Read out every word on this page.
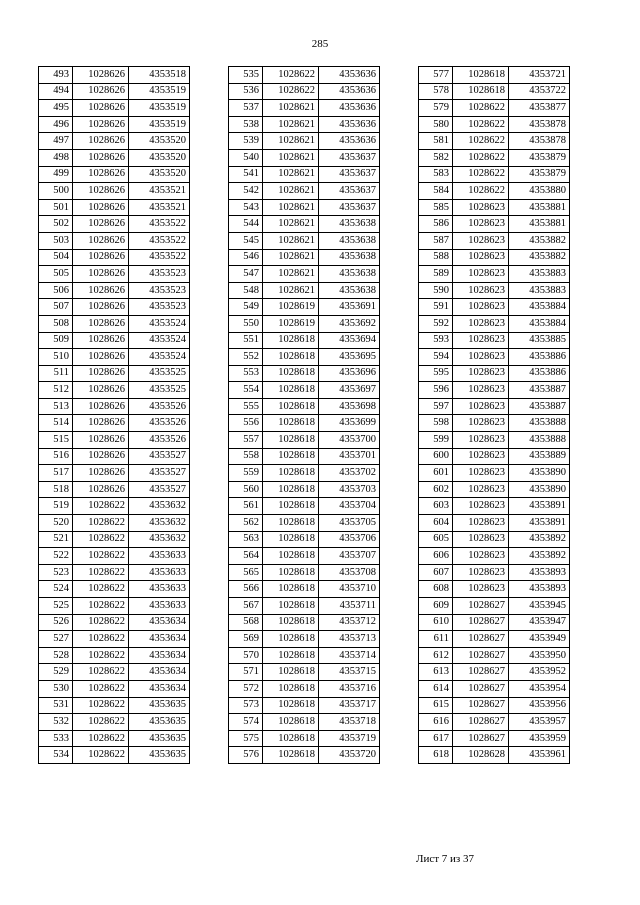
285
493	1028626	4353518
494	1028626	4353519
495	1028626	4353519
496	1028626	4353519
497	1028626	4353520
498	1028626	4353520
499	1028626	4353520
500	1028626	4353521
501	1028626	4353521
502	1028626	4353522
503	1028626	4353522
504	1028626	4353522
505	1028626	4353523
506	1028626	4353523
507	1028626	4353523
508	1028626	4353524
509	1028626	4353524
510	1028626	4353524
511	1028626	4353525
512	1028626	4353525
513	1028626	4353526
514	1028626	4353526
515	1028626	4353526
516	1028626	4353527
517	1028626	4353527
518	1028626	4353527
519	1028622	4353632
520	1028622	4353632
521	1028622	4353632
522	1028622	4353633
523	1028622	4353633
524	1028622	4353633
525	1028622	4353633
526	1028622	4353634
527	1028622	4353634
528	1028622	4353634
529	1028622	4353634
530	1028622	4353634
531	1028622	4353635
532	1028622	4353635
533	1028622	4353635
534	1028622	4353635
535	1028622	4353636
536	1028622	4353636
537	1028621	4353636
538	1028621	4353636
539	1028621	4353636
540	1028621	4353637
541	1028621	4353637
542	1028621	4353637
543	1028621	4353637
544	1028621	4353638
545	1028621	4353638
546	1028621	4353638
547	1028621	4353638
548	1028621	4353638
549	1028619	4353691
550	1028619	4353692
551	1028618	4353694
552	1028618	4353695
553	1028618	4353696
554	1028618	4353697
555	1028618	4353698
556	1028618	4353699
557	1028618	4353700
558	1028618	4353701
559	1028618	4353702
560	1028618	4353703
561	1028618	4353704
562	1028618	4353705
563	1028618	4353706
564	1028618	4353707
565	1028618	4353708
566	1028618	4353710
567	1028618	4353711
568	1028618	4353712
569	1028618	4353713
570	1028618	4353714
571	1028618	4353715
572	1028618	4353716
573	1028618	4353717
574	1028618	4353718
575	1028618	4353719
576	1028618	4353720
577	1028618	4353721
578	1028618	4353722
579	1028622	4353877
580	1028622	4353878
581	1028622	4353878
582	1028622	4353879
583	1028622	4353879
584	1028622	4353880
585	1028623	4353881
586	1028623	4353881
587	1028623	4353882
588	1028623	4353882
589	1028623	4353883
590	1028623	4353883
591	1028623	4353884
592	1028623	4353884
593	1028623	4353885
594	1028623	4353886
595	1028623	4353886
596	1028623	4353887
597	1028623	4353887
598	1028623	4353888
599	1028623	4353888
600	1028623	4353889
601	1028623	4353890
602	1028623	4353890
603	1028623	4353891
604	1028623	4353891
605	1028623	4353892
606	1028623	4353892
607	1028623	4353893
608	1028623	4353893
609	1028627	4353945
610	1028627	4353947
611	1028627	4353949
612	1028627	4353950
613	1028627	4353952
614	1028627	4353954
615	1028627	4353956
616	1028627	4353957
617	1028627	4353959
618	1028628	4353961
Лист 7 из 37
